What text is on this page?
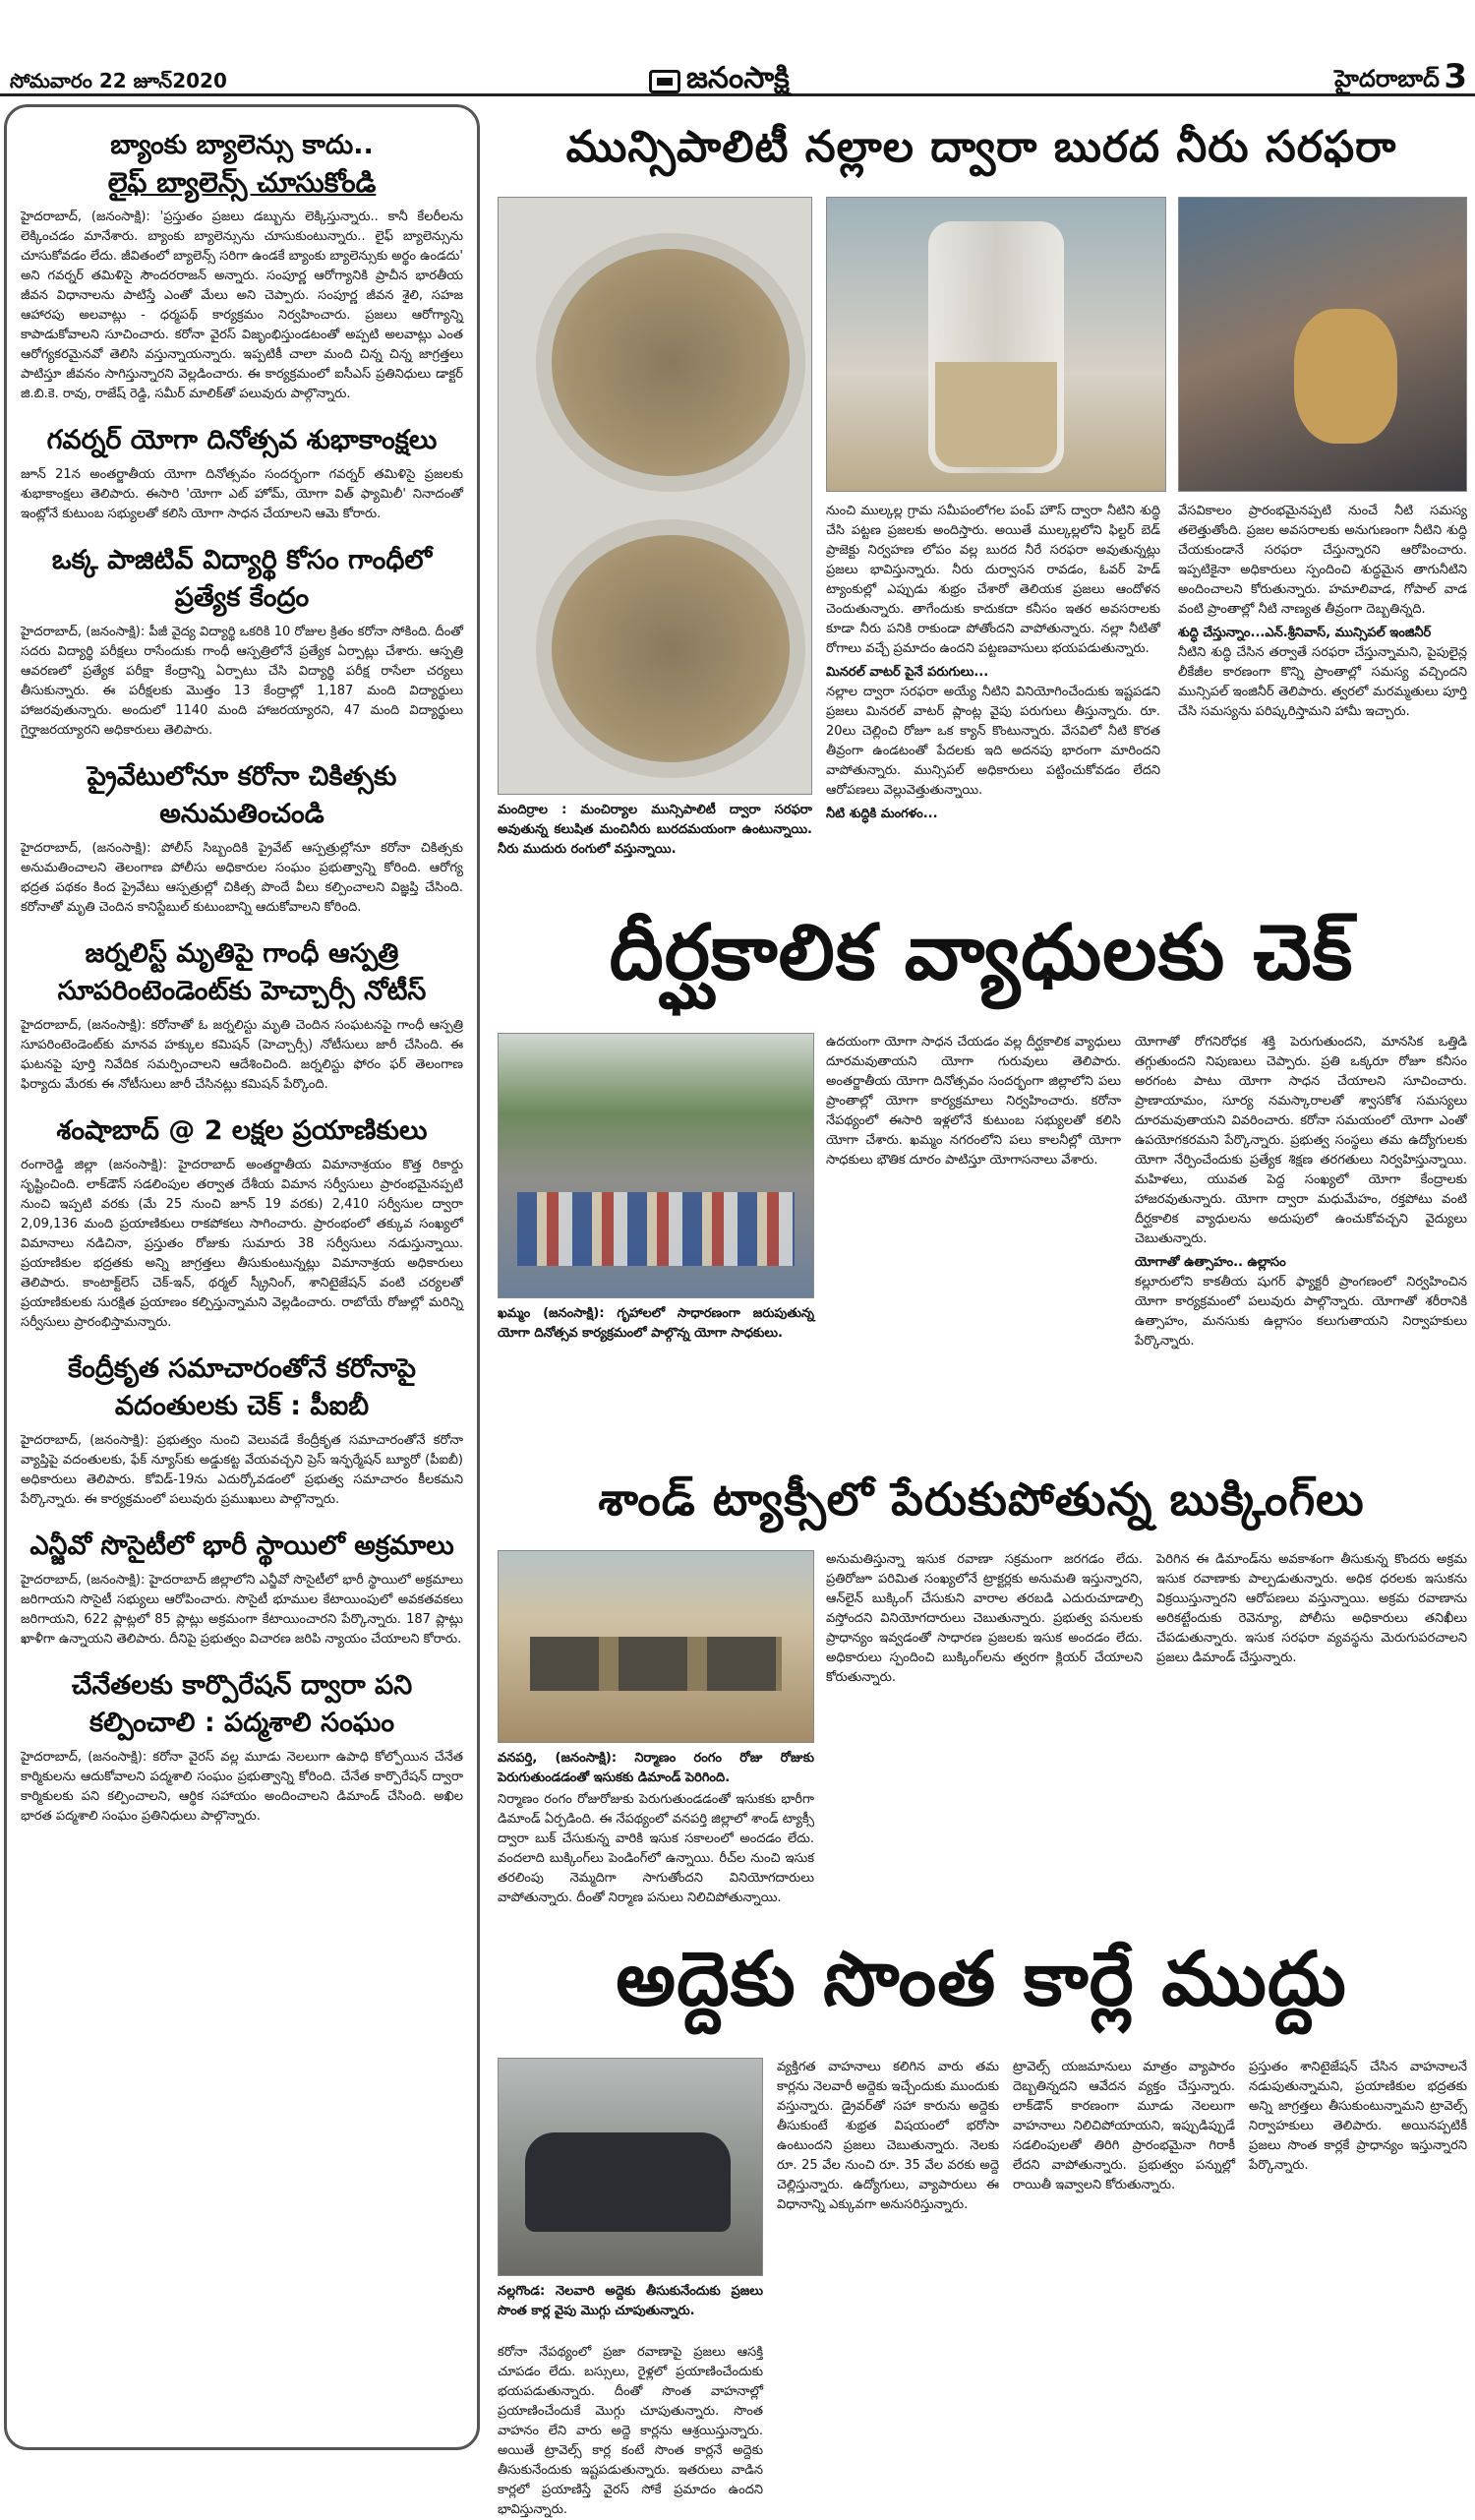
సోమవారం 22 జూన్2020	జనంసాక్షి	హైదరాబాద్ 3
బ్యాంకు బ్యాలెన్సు కాదు..
లైఫ్ బ్యాలెన్స్ చూసుకోండి
హైదరాబాద్, (జనంసాక్షి): 'ప్రస్తుతం ప్రజలు డబ్బును లెక్కిస్తున్నారు.. కానీ కేలరీలను లెక్కించడం మానేశారు. బ్యాంకు బ్యాలెన్సును చూసుకుంటున్నారు.. లైఫ్ బ్యాలెన్సును చూసుకోవడం లేదు. జీవితంలో బ్యాలెన్స్ సరిగా ఉండకే బ్యాంకు బ్యాలెన్సుకు అర్థం ఉండదు' అని గవర్నర్ తమిళిసై సౌందరరాజన్ అన్నారు. సంపూర్ణ ఆరోగ్యానికి ప్రాచీన భారతీయ జీవన విధానాలను పాటిస్తే ఎంతో మేలు అని చెప్పారు. సంపూర్ణ జీవన శైలి, సహజ ఆహారపు అలవాట్లు - ధర్మపథ్ కార్యక్రమం నిర్వహించారు. ప్రజలు ఆరోగ్యాన్ని కాపాడుకోవాలని సూచించారు. కరోనా వైరస్ విజృంభిస్తుండటంతో అప్పటి అలవాట్లు ఎంత ఆరోగ్యకరమైనవో తెలిసి వస్తున్నాయన్నారు. ఇప్పటికీ చాలా మంది చిన్న చిన్న జాగ్రత్తలు పాటిస్తూ జీవనం సాగిస్తున్నారని వెల్లడించారు. ఈ కార్యక్రమంలో ఐసీఎస్ ప్రతినిధులు డాక్టర్ జి.బి.కె. రావు, రాజేష్ రెడ్డి, సమీర్ మాలిక్‌తో పలువురు పాల్గొన్నారు.
గవర్నర్ యోగా దినోత్సవ శుభాకాంక్షలు
జూన్ 21న అంతర్జాతీయ యోగా దినోత్సవం సందర్భంగా గవర్నర్ తమిళిసై ప్రజలకు శుభాకాంక్షలు తెలిపారు. ఈసారి 'యోగా ఎట్ హోమ్, యోగా విత్ ఫ్యామిలీ' నినాదంతో ఇంట్లోనే కుటుంబ సభ్యులతో కలిసి యోగా సాధన చేయాలని ఆమె కోరారు.
ఒక్క పాజిటివ్ విద్యార్థి కోసం గాంధీలో
ప్రత్యేక కేంద్రం
హైదరాబాద్, (జనంసాక్షి): పీజీ వైద్య విద్యార్థి ఒకరికి 10 రోజుల క్రితం కరోనా సోకింది. దీంతో సదరు విద్యార్థి పరీక్షలు రాసేందుకు గాంధీ ఆస్పత్రిలోనే ప్రత్యేక ఏర్పాట్లు చేశారు. ఆస్పత్రి ఆవరణలో ప్రత్యేక పరీక్షా కేంద్రాన్ని ఏర్పాటు చేసి విద్యార్థి పరీక్ష రాసేలా చర్యలు తీసుకున్నారు. ఈ పరీక్షలకు మొత్తం 13 కేంద్రాల్లో 1,187 మంది విద్యార్థులు హాజరవుతున్నారు. అందులో 1140 మంది హాజరయ్యారని, 47 మంది విద్యార్థులు గైర్హాజరయ్యారని అధికారులు తెలిపారు.
ప్రైవేటులోనూ కరోనా చికిత్సకు అనుమతించండి
హైదరాబాద్, (జనంసాక్షి): పోలీస్ సిబ్బందికి ప్రైవేట్ ఆస్పత్రుల్లోనూ కరోనా చికిత్సకు అనుమతించాలని తెలంగాణ పోలీసు అధికారుల సంఘం ప్రభుత్వాన్ని కోరింది. ఆరోగ్య భద్రత పథకం కింద ప్రైవేటు ఆస్పత్రుల్లో చికిత్స పొందే వీలు కల్పించాలని విజ్ఞప్తి చేసింది. కరోనాతో మృతి చెందిన కానిస్టేబుల్ కుటుంబాన్ని ఆదుకోవాలని కోరింది.
జర్నలిస్ట్ మృతిపై గాంధీ ఆస్పత్రి
సూపరింటెండెంట్‌కు హెచ్చార్సీ నోటీస్
హైదరాబాద్, (జనంసాక్షి): కరోనాతో ఓ జర్నలిస్టు మృతి చెందిన సంఘటనపై గాంధీ ఆస్పత్రి సూపరింటెండెంట్‌కు మానవ హక్కుల కమిషన్ (హెచ్చార్సీ) నోటీసులు జారీ చేసింది. ఈ ఘటనపై పూర్తి నివేదిక సమర్పించాలని ఆదేశించింది. జర్నలిస్టు ఫోరం ఫర్ తెలంగాణ ఫిర్యాదు మేరకు ఈ నోటీసులు జారీ చేసినట్లు కమిషన్ పేర్కొంది.
శంషాబాద్ @ 2 లక్షల ప్రయాణికులు
రంగారెడ్డి జిల్లా (జనంసాక్షి): హైదరాబాద్ అంతర్జాతీయ విమానాశ్రయం కొత్త రికార్డు సృష్టించింది. లాక్‌డౌన్ సడలింపుల తర్వాత దేశీయ విమాన సర్వీసులు ప్రారంభమైనప్పటి నుంచి ఇప్పటి వరకు (మే 25 నుంచి జూన్ 19 వరకు) 2,410 సర్వీసుల ద్వారా 2,09,136 మంది ప్రయాణికులు రాకపోకలు సాగించారు. ప్రారంభంలో తక్కువ సంఖ్యలో విమానాలు నడిచినా, ప్రస్తుతం రోజుకు సుమారు 38 సర్వీసులు నడుస్తున్నాయి. ప్రయాణికుల భద్రతకు అన్ని జాగ్రత్తలు తీసుకుంటున్నట్లు విమానాశ్రయ అధికారులు తెలిపారు. కాంటాక్ట్‌లెస్ చెక్-ఇన్, థర్మల్ స్క్రీనింగ్, శానిటైజేషన్ వంటి చర్యలతో ప్రయాణికులకు సురక్షిత ప్రయాణం కల్పిస్తున్నామని వెల్లడించారు. రాబోయే రోజుల్లో మరిన్ని సర్వీసులు ప్రారంభిస్తామన్నారు.
కేంద్రీకృత సమాచారంతోనే కరోనాపై
వదంతులకు చెక్ : పీఐబీ
హైదరాబాద్, (జనంసాక్షి): ప్రభుత్వం నుంచి వెలువడే కేంద్రీకృత సమాచారంతోనే కరోనా వ్యాప్తిపై వదంతులకు, ఫేక్ న్యూస్‌కు అడ్డుకట్ట వేయవచ్చని ప్రెస్ ఇన్ఫర్మేషన్ బ్యూరో (పీఐబీ) అధికారులు తెలిపారు. కోవిడ్-19ను ఎదుర్కోవడంలో ప్రభుత్వ సమాచారం కీలకమని పేర్కొన్నారు. ఈ కార్యక్రమంలో పలువురు ప్రముఖులు పాల్గొన్నారు.
ఎన్జీవో సొసైటీలో భారీ స్థాయిలో అక్రమాలు
హైదరాబాద్, (జనంసాక్షి): హైదరాబాద్ జిల్లాలోని ఎన్జీవో సొసైటీలో భారీ స్థాయిలో అక్రమాలు జరిగాయని సొసైటీ సభ్యులు ఆరోపించారు. సొసైటీ భూముల కేటాయింపులో అవకతవకలు జరిగాయని, 622 ప్లాట్లలో 85 ప్లాట్లు అక్రమంగా కేటాయించారని పేర్కొన్నారు. 187 ప్లాట్లు ఖాళీగా ఉన్నాయని తెలిపారు. దీనిపై ప్రభుత్వం విచారణ జరిపి న్యాయం చేయాలని కోరారు.
చేనేతలకు కార్పొరేషన్ ద్వారా పని
కల్పించాలి : పద్మశాలి సంఘం
హైదరాబాద్, (జనంసాక్షి): కరోనా వైరస్ వల్ల మూడు నెలలుగా ఉపాధి కోల్పోయిన చేనేత కార్మికులను ఆదుకోవాలని పద్మశాలి సంఘం ప్రభుత్వాన్ని కోరింది. చేనేత కార్పొరేషన్ ద్వారా కార్మికులకు పని కల్పించాలని, ఆర్థిక సహాయం అందించాలని డిమాండ్ చేసింది. అఖిల భారత పద్మశాలి సంఘం ప్రతినిధులు పాల్గొన్నారు.
మున్సిపాలిటీ నల్లాల ద్వారా బురద నీరు సరఫరా
మందిర్రాల : మంచిర్యాల మున్సిపాలిటీ ద్వారా సరఫరా అవుతున్న కలుషిత మంచినీరు బురదమయంగా ఉంటున్నాయి. నీరు ముదురు రంగులో వస్తున్నాయి.
నుంచి ముల్కల్ల గ్రామ సమీపంలోగల పంప్ హౌస్ ద్వారా నీటిని శుద్ధి చేసి పట్టణ ప్రజలకు అందిస్తారు. అయితే ముల్కల్లలోని ఫిల్టర్ బెడ్ ప్రాజెక్టు నిర్వహణ లోపం వల్ల బురద నీరే సరఫరా అవుతున్నట్లు ప్రజలు భావిస్తున్నారు. నీరు దుర్వాసన రావడం, ఓవర్ హెడ్ ట్యాంకుల్లో ఎప్పుడు శుభ్రం చేశారో తెలియక ప్రజలు ఆందోళన చెందుతున్నారు. తాగేందుకు కాదుకదా కనీసం ఇతర అవసరాలకు కూడా నీరు పనికి రాకుండా పోతోందని వాపోతున్నారు. నల్లా నీటితో రోగాలు వచ్చే ప్రమాదం ఉందని పట్టణవాసులు భయపడుతున్నారు.
మినరల్ వాటర్ పైనే పరుగులు...
నల్లాల ద్వారా సరఫరా అయ్యే నీటిని వినియోగించేందుకు ఇష్టపడని ప్రజలు మినరల్ వాటర్ ప్లాంట్ల వైపు పరుగులు తీస్తున్నారు. రూ. 20లు చెల్లించి రోజూ ఒక క్యాన్ కొంటున్నారు. వేసవిలో నీటి కొరత తీవ్రంగా ఉండటంతో పేదలకు ఇది అదనపు భారంగా మారిందని వాపోతున్నారు. మున్సిపల్ అధికారులు పట్టించుకోవడం లేదని ఆరోపణలు వెల్లువెత్తుతున్నాయి.
నీటి శుద్ధికి మంగళం...
వేసవికాలం ప్రారంభమైనప్పటి నుంచే నీటి సమస్య తలెత్తుతోంది. ప్రజల అవసరాలకు అనుగుణంగా నీటిని శుద్ధి చేయకుండానే సరఫరా చేస్తున్నారని ఆరోపించారు. ఇప్పటికైనా అధికారులు స్పందించి శుద్ధమైన తాగునీటిని అందించాలని కోరుతున్నారు. హమాలివాడ, గోపాల్ వాడ వంటి ప్రాంతాల్లో నీటి నాణ్యత తీవ్రంగా దెబ్బతిన్నది.
శుద్ధి చేస్తున్నాం...ఎన్.శ్రీనివాస్, మున్సిపల్ ఇంజినీర్
నీటిని శుద్ధి చేసిన తర్వాతే సరఫరా చేస్తున్నామని, పైపులైన్ల లీకేజీల కారణంగా కొన్ని ప్రాంతాల్లో సమస్య వచ్చిందని మున్సిపల్ ఇంజినీర్ తెలిపారు. త్వరలో మరమ్మతులు పూర్తి చేసి సమస్యను పరిష్కరిస్తామని హామీ ఇచ్చారు.
దీర్ఘకాలిక వ్యాధులకు చెక్
ఖమ్మం (జనంసాక్షి): గృహాలలో సాధారణంగా జరుపుతున్న యోగా దినోత్సవ కార్యక్రమంలో పాల్గొన్న యోగా సాధకులు.
ఉదయంగా యోగా సాధన చేయడం వల్ల దీర్ఘకాలిక వ్యాధులు దూరమవుతాయని యోగా గురువులు తెలిపారు. అంతర్జాతీయ యోగా దినోత్సవం సందర్భంగా జిల్లాలోని పలు ప్రాంతాల్లో యోగా కార్యక్రమాలు నిర్వహించారు. కరోనా నేపథ్యంలో ఈసారి ఇళ్లలోనే కుటుంబ సభ్యులతో కలిసి యోగా చేశారు. ఖమ్మం నగరంలోని పలు కాలనీల్లో యోగా సాధకులు భౌతిక దూరం పాటిస్తూ యోగాసనాలు వేశారు.
యోగాతో రోగనిరోధక శక్తి పెరుగుతుందని, మానసిక ఒత్తిడి తగ్గుతుందని నిపుణులు చెప్పారు. ప్రతి ఒక్కరూ రోజూ కనీసం అరగంట పాటు యోగా సాధన చేయాలని సూచించారు. ప్రాణాయామం, సూర్య నమస్కారాలతో శ్వాసకోశ సమస్యలు దూరమవుతాయని వివరించారు. కరోనా సమయంలో యోగా ఎంతో ఉపయోగకరమని పేర్కొన్నారు. ప్రభుత్వ సంస్థలు తమ ఉద్యోగులకు యోగా నేర్పించేందుకు ప్రత్యేక శిక్షణ తరగతులు నిర్వహిస్తున్నాయి. మహిళలు, యువత పెద్ద సంఖ్యలో యోగా కేంద్రాలకు హాజరవుతున్నారు. యోగా ద్వారా మధుమేహం, రక్తపోటు వంటి దీర్ఘకాలిక వ్యాధులను అదుపులో ఉంచుకోవచ్చని వైద్యులు చెబుతున్నారు.
యోగాతో ఉత్సాహం.. ఉల్లాసం
కల్లూరులోని కాకతీయ షుగర్ ఫ్యాక్టరీ ప్రాంగణంలో నిర్వహించిన యోగా కార్యక్రమంలో పలువురు పాల్గొన్నారు. యోగాతో శరీరానికి ఉత్సాహం, మనసుకు ఉల్లాసం కలుగుతాయని నిర్వాహకులు పేర్కొన్నారు.
శాండ్ ట్యాక్సీలో పేరుకుపోతున్న బుక్కింగ్‌లు
వనపర్తి, (జనంసాక్షి): నిర్మాణం రంగం రోజు రోజుకు పెరుగుతుండడంతో ఇసుకకు డిమాండ్ పెరిగింది.
నిర్మాణం రంగం రోజురోజుకు పెరుగుతుండడంతో ఇసుకకు భారీగా డిమాండ్ ఏర్పడింది. ఈ నేపథ్యంలో వనపర్తి జిల్లాలో శాండ్ ట్యాక్సీ ద్వారా బుక్ చేసుకున్న వారికి ఇసుక సకాలంలో అందడం లేదు. వందలాది బుక్కింగ్‌లు పెండింగ్‌లో ఉన్నాయి. రీచ్‌ల నుంచి ఇసుక తరలింపు నెమ్మదిగా సాగుతోందని వినియోగదారులు వాపోతున్నారు. దీంతో నిర్మాణ పనులు నిలిచిపోతున్నాయి.
అనుమతిస్తున్నా ఇసుక రవాణా సక్రమంగా జరగడం లేదు. ప్రతిరోజూ పరిమిత సంఖ్యలోనే ట్రాక్టర్లకు అనుమతి ఇస్తున్నారని, ఆన్‌లైన్ బుక్కింగ్ చేసుకుని వారాల తరబడి ఎదురుచూడాల్సి వస్తోందని వినియోగదారులు చెబుతున్నారు. ప్రభుత్వ పనులకు ప్రాధాన్యం ఇవ్వడంతో సాధారణ ప్రజలకు ఇసుక అందడం లేదు. అధికారులు స్పందించి బుక్కింగ్‌లను త్వరగా క్లియర్ చేయాలని కోరుతున్నారు.
పెరిగిన ఈ డిమాండ్‌ను అవకాశంగా తీసుకున్న కొందరు అక్రమ ఇసుక రవాణాకు పాల్పడుతున్నారు. అధిక ధరలకు ఇసుకను విక్రయిస్తున్నారని ఆరోపణలు వస్తున్నాయి. అక్రమ రవాణాను అరికట్టేందుకు రెవెన్యూ, పోలీసు అధికారులు తనిఖీలు చేపడుతున్నారు. ఇసుక సరఫరా వ్యవస్థను మెరుగుపరచాలని ప్రజలు డిమాండ్ చేస్తున్నారు.
అద్దెకు సొంత కార్లే ముద్దు
నల్లగొండ: నెలవారి అద్దెకు తీసుకునేందుకు ప్రజలు సొంత కార్ల వైపు మొగ్గు చూపుతున్నారు.
కరోనా నేపథ్యంలో ప్రజా రవాణాపై ప్రజలు ఆసక్తి చూపడం లేదు. బస్సులు, రైళ్లలో ప్రయాణించేందుకు భయపడుతున్నారు. దీంతో సొంత వాహనాల్లో ప్రయాణించేందుకే మొగ్గు చూపుతున్నారు. సొంత వాహనం లేని వారు అద్దె కార్లను ఆశ్రయిస్తున్నారు. అయితే ట్రావెల్స్ కార్ల కంటే సొంత కార్లనే అద్దెకు తీసుకునేందుకు ఇష్టపడుతున్నారు. ఇతరులు వాడిన కార్లలో ప్రయాణిస్తే వైరస్ సోకే ప్రమాదం ఉందని భావిస్తున్నారు.
వ్యక్తిగత వాహనాలు కలిగిన వారు తమ కార్లను నెలవారీ అద్దెకు ఇచ్చేందుకు ముందుకు వస్తున్నారు. డ్రైవర్‌తో సహా కారును అద్దెకు తీసుకుంటే శుభ్రత విషయంలో భరోసా ఉంటుందని ప్రజలు చెబుతున్నారు. నెలకు రూ. 25 వేల నుంచి రూ. 35 వేల వరకు అద్దె చెల్లిస్తున్నారు. ఉద్యోగులు, వ్యాపారులు ఈ విధానాన్ని ఎక్కువగా అనుసరిస్తున్నారు.
ట్రావెల్స్ యజమానులు మాత్రం వ్యాపారం దెబ్బతిన్నదని ఆవేదన వ్యక్తం చేస్తున్నారు. లాక్‌డౌన్ కారణంగా మూడు నెలలుగా వాహనాలు నిలిచిపోయాయని, ఇప్పుడిప్పుడే సడలింపులతో తిరిగి ప్రారంభమైనా గిరాకీ లేదని వాపోతున్నారు. ప్రభుత్వం పన్నుల్లో రాయితీ ఇవ్వాలని కోరుతున్నారు.
ప్రస్తుతం శానిటైజేషన్ చేసిన వాహనాలనే నడుపుతున్నామని, ప్రయాణికుల భద్రతకు అన్ని జాగ్రత్తలు తీసుకుంటున్నామని ట్రావెల్స్ నిర్వాహకులు తెలిపారు. అయినప్పటికీ ప్రజలు సొంత కార్లకే ప్రాధాన్యం ఇస్తున్నారని పేర్కొన్నారు.
